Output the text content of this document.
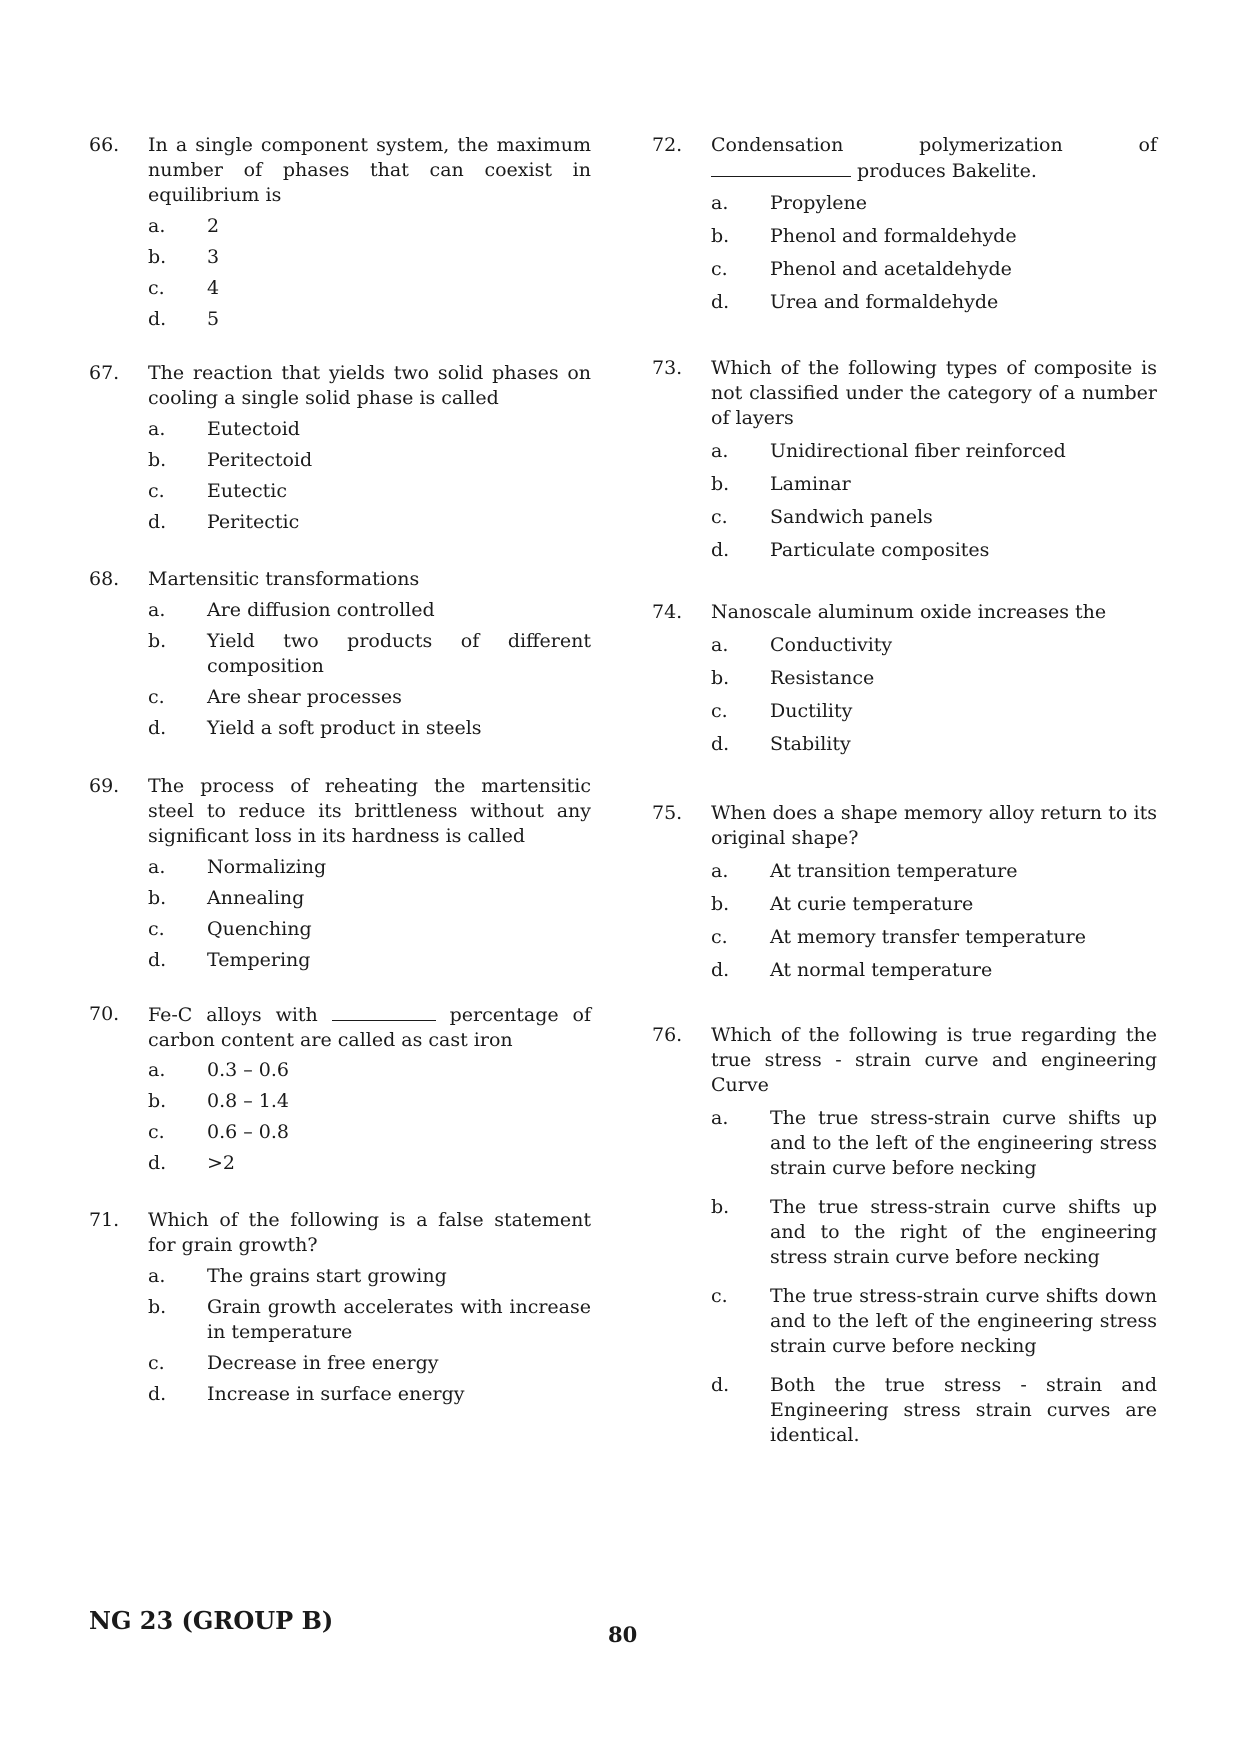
66. In a single component system, the maximum number of phases that can coexist in equilibrium is
a. 2
b. 3
c. 4
d. 5
67. The reaction that yields two solid phases on cooling a single solid phase is called
a. Eutectoid
b. Peritectoid
c. Eutectic
d. Peritectic
68. Martensitic transformations
a. Are diffusion controlled
b. Yield two products of different composition
c. Are shear processes
d. Yield a soft product in steels
69. The process of reheating the martensitic steel to reduce its brittleness without any significant loss in its hardness is called
a. Normalizing
b. Annealing
c. Quenching
d. Tempering
70. Fe-C alloys with	percentage of carbon content are called as cast iron
a. 0.3 – 0.6
b. 0.8 – 1.4
c. 0.6 – 0.8
d. >2
71. Which of the following is a false statement for grain growth?
a. The grains start growing
b. Grain growth accelerates with increase in temperature
c. Decrease in free energy
d. Increase in surface energy
72. Condensation polymerization of
produces Bakelite.
a. Propylene
b. Phenol and formaldehyde
c. Phenol and acetaldehyde
d. Urea and formaldehyde
73. Which of the following types of composite is not classified under the category of a number of layers
a. Unidirectional fiber reinforced
b. Laminar
c. Sandwich panels
d. Particulate composites
74. Nanoscale aluminum oxide increases the
a. Conductivity
b. Resistance
c. Ductility
d. Stability
75. When does a shape memory alloy return to its original shape?
a. At transition temperature
b. At curie temperature
c. At memory transfer temperature
d. At normal temperature
76. Which of the following is true regarding the true stress - strain curve and engineering Curve
a. The true stress-strain curve shifts up and to the left of the engineering stress strain curve before necking
b. The true stress-strain curve shifts up and to the right of the engineering stress strain curve before necking
c. The true stress-strain curve shifts down and to the left of the engineering stress strain curve before necking
d. Both the true stress - strain and Engineering stress strain curves are identical.
NG 23 (GROUP B)	80
